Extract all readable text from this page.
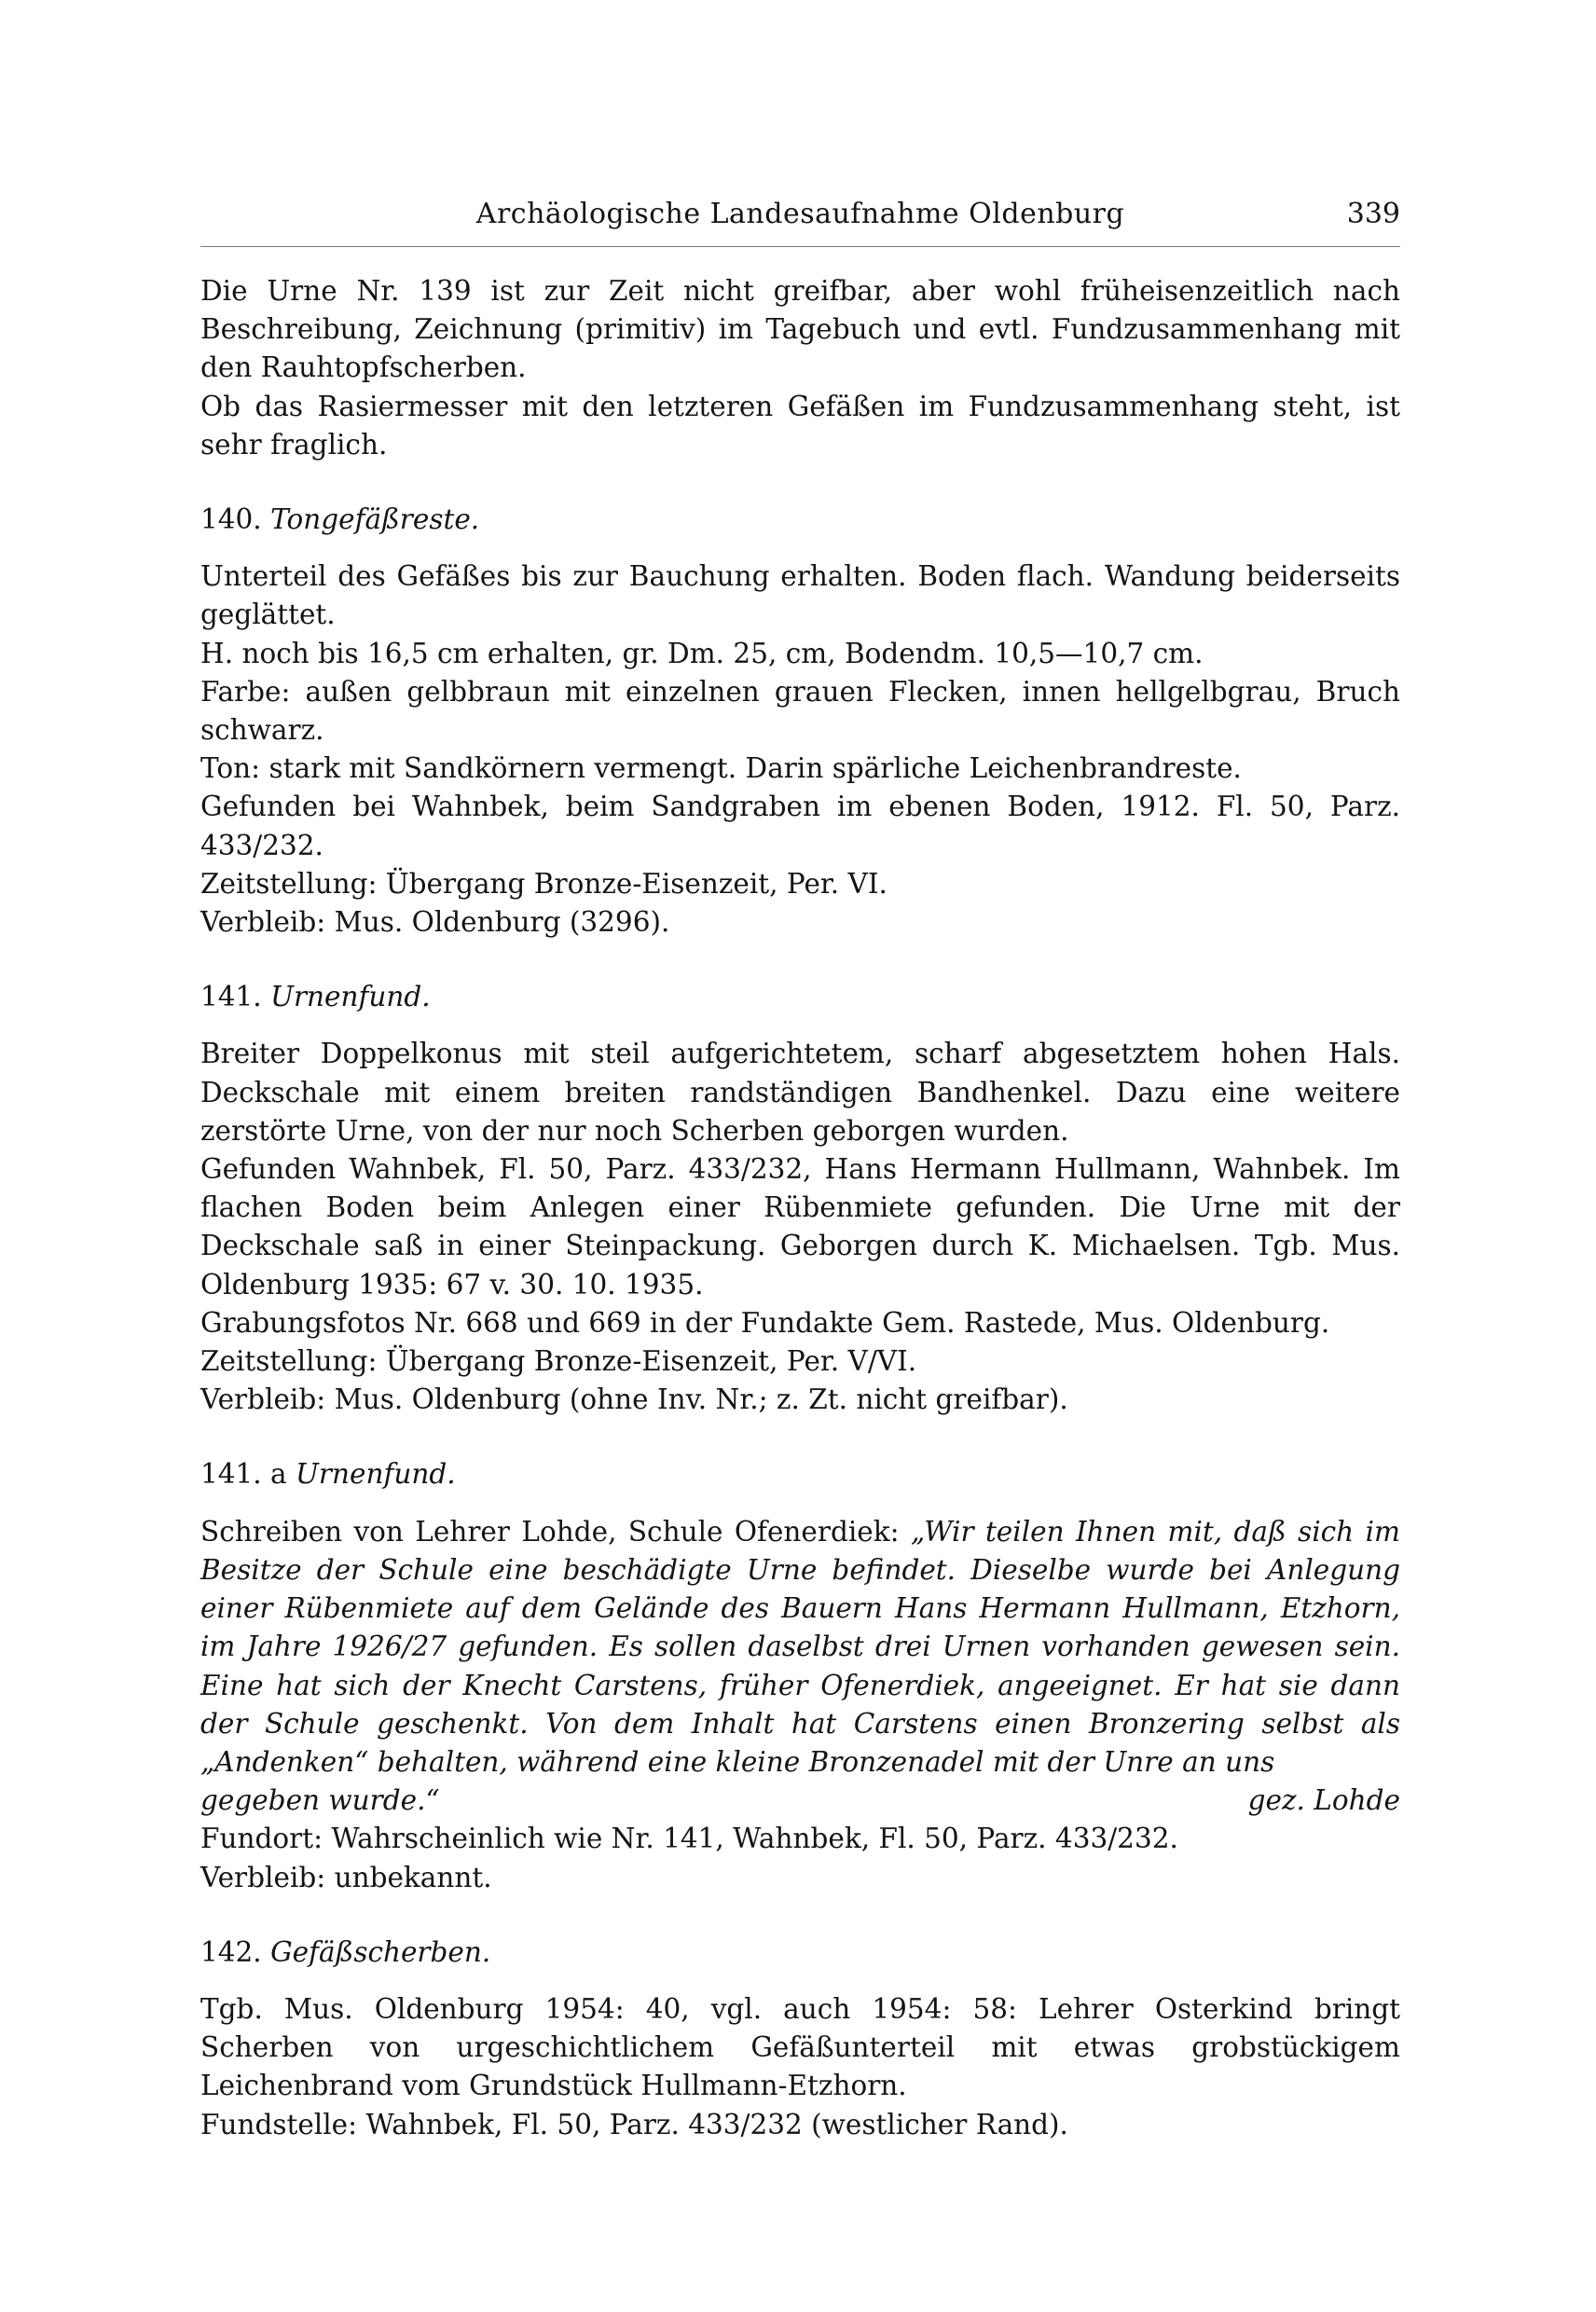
Archäologische Landesaufnahme Oldenburg	339

Die Urne Nr. 139 ist zur Zeit nicht greifbar, aber wohl früheisenzeitlich nach Beschreibung, Zeichnung (primitiv) im Tagebuch und evtl. Fundzusammenhang mit den Rauhtopfscherben.

Ob das Rasiermesser mit den letzteren Gefäßen im Fundzusammenhang steht, ist sehr fraglich.

140. Tongefäßreste.

Unterteil des Gefäßes bis zur Bauchung erhalten. Boden flach. Wandung beiderseits geglättet.

H. noch bis 16,5 cm erhalten, gr. Dm. 25, cm, Bodendm. 10,5—10,7 cm.

Farbe: außen gelbbraun mit einzelnen grauen Flecken, innen hellgelbgrau, Bruch schwarz.

Ton: stark mit Sandkörnern vermengt. Darin spärliche Leichenbrandreste.

Gefunden bei Wahnbek, beim Sandgraben im ebenen Boden, 1912. Fl. 50, Parz. 433/232.

Zeitstellung: Übergang Bronze-Eisenzeit, Per. VI.

Verbleib: Mus. Oldenburg (3296).

141. Urnenfund.

Breiter Doppelkonus mit steil aufgerichtetem, scharf abgesetztem hohen Hals. Deckschale mit einem breiten randständigen Bandhenkel. Dazu eine weitere zerstörte Urne, von der nur noch Scherben geborgen wurden.

Gefunden Wahnbek, Fl. 50, Parz. 433/232, Hans Hermann Hullmann, Wahnbek. Im flachen Boden beim Anlegen einer Rübenmiete gefunden. Die Urne mit der Deckschale saß in einer Steinpackung. Geborgen durch K. Michaelsen. Tgb. Mus. Oldenburg 1935: 67 v. 30. 10. 1935.

Grabungsfotos Nr. 668 und 669 in der Fundakte Gem. Rastede, Mus. Oldenburg.

Zeitstellung: Übergang Bronze-Eisenzeit, Per. V/VI.

Verbleib: Mus. Oldenburg (ohne Inv. Nr.; z. Zt. nicht greifbar).

141. a Urnenfund.

Schreiben von Lehrer Lohde, Schule Ofenerdiek: „Wir teilen Ihnen mit, daß sich im Besitze der Schule eine beschädigte Urne befindet. Dieselbe wurde bei Anlegung einer Rübenmiete auf dem Gelände des Bauern Hans Hermann Hullmann, Etzhorn, im Jahre 1926/27 gefunden. Es sollen daselbst drei Urnen vorhanden gewesen sein. Eine hat sich der Knecht Carstens, früher Ofenerdiek, angeeignet. Er hat sie dann der Schule geschenkt. Von dem Inhalt hat Carstens einen Bronzering selbst als „Andenken“ behalten, während eine kleine Bronzenadel mit der Unre an uns

gegeben wurde.“	gez. Lohde

Fundort: Wahrscheinlich wie Nr. 141, Wahnbek, Fl. 50, Parz. 433/232.

Verbleib: unbekannt.

142. Gefäßscherben.

Tgb. Mus. Oldenburg 1954: 40, vgl. auch 1954: 58: Lehrer Osterkind bringt Scherben von urgeschichtlichem Gefäßunterteil mit etwas grobstückigem Leichenbrand vom Grundstück Hullmann-Etzhorn.

Fundstelle: Wahnbek, Fl. 50, Parz. 433/232 (westlicher Rand).
